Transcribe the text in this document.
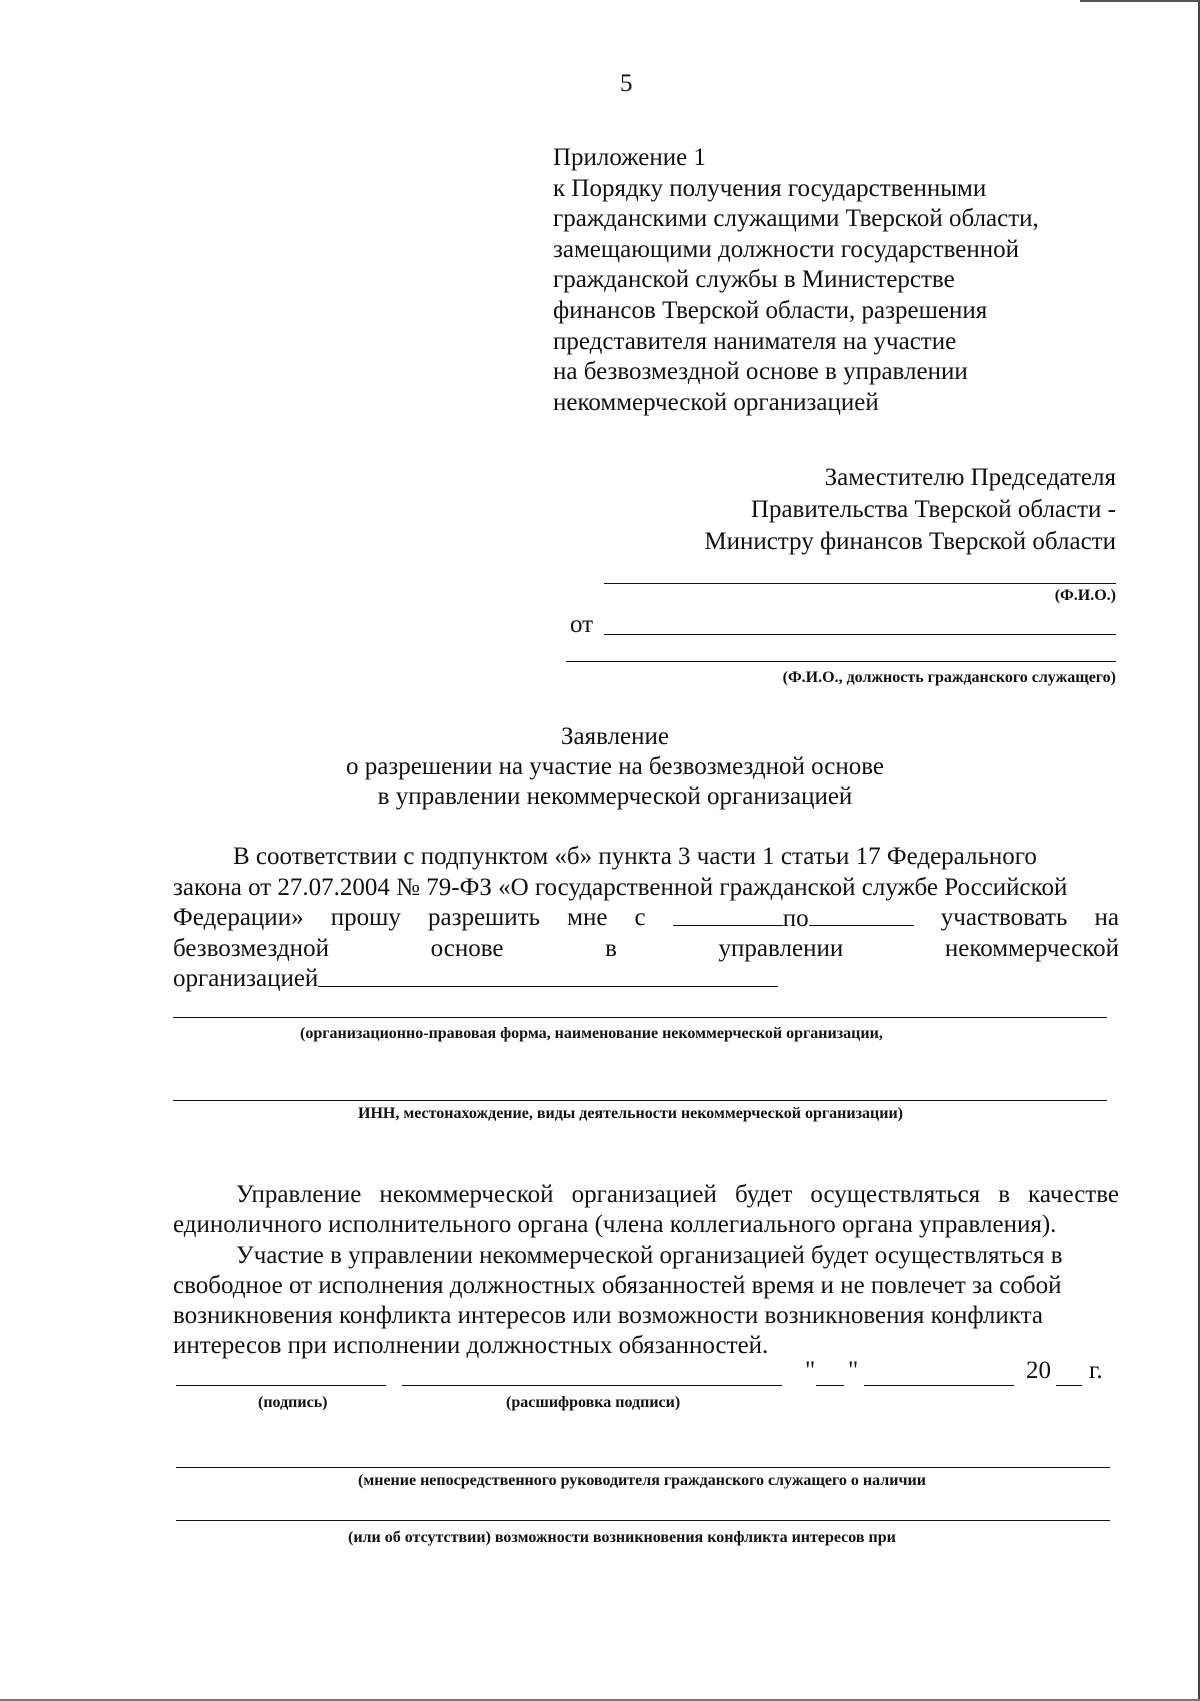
5
Приложение 1
к Порядку получения государственными
гражданскими служащими Тверской области,
замещающими должности государственной
гражданской службы в Министерстве
финансов Тверской области, разрешения
представителя нанимателя на участие
на безвозмездной основе в управлении
некоммерческой организацией
Заместителю Председателя
Правительства Тверской области -
Министру финансов Тверской области
(Ф.И.О.)
от
(Ф.И.О., должность гражданского служащего)
Заявление
о разрешении на участие на безвозмездной основе
в управлении некоммерческой организацией
В соответствии с подпунктом «б» пункта 3 части 1 статьи 17 Федерального
закона от 27.07.2004 № 79-ФЗ «О государственной гражданской службе Российской
Федерации» прошу разрешить мне с	по	участвовать на
безвозмездной	основе	в	управлении	некоммерческой
организацией
(организационно-правовая форма, наименование некоммерческой организации,
ИНН, местонахождение, виды деятельности некоммерческой организации)
Управление некоммерческой организацией будет осуществляться в качестве
единоличного исполнительного органа (члена коллегиального органа управления).
Участие в управлении некоммерческой организацией будет осуществляться в
свободное от исполнения должностных обязанностей время и не повлечет за собой
возникновения конфликта интересов или возможности возникновения конфликта
интересов при исполнении должностных обязанностей.
" "	20 г.
(подпись)	(расшифровка подписи)
(мнение непосредственного руководителя гражданского служащего о наличии
(или об отсутствии) возможности возникновения конфликта интересов при
